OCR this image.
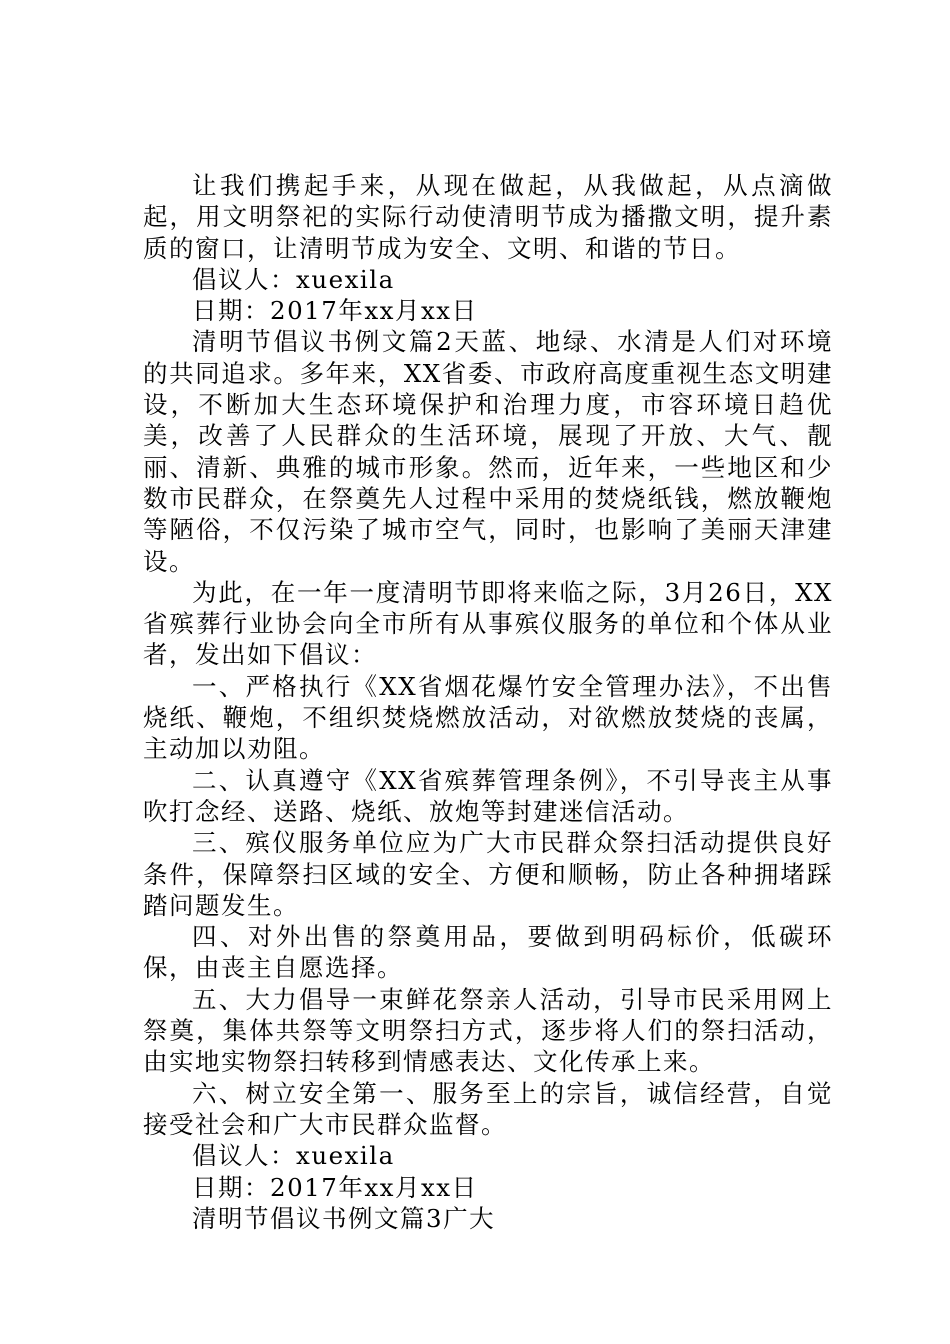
让我们携起手来，从现在做起，从我做起，从点滴做起，用文明祭祀的实际行动使清明节成为播撒文明，提升素质的窗口，让清明节成为安全、文明、和谐的节日。

倡议人：xuexila

日期：2017年xx月xx日

清明节倡议书例文篇2天蓝、地绿、水清是人们对环境的共同追求。多年来，XX省委、市政府高度重视生态文明建设，不断加大生态环境保护和治理力度，市容环境日趋优美，改善了人民群众的生活环境，展现了开放、大气、靓丽、清新、典雅的城市形象。然而，近年来，一些地区和少数市民群众，在祭奠先人过程中采用的焚烧纸钱，燃放鞭炮等陋俗，不仅污染了城市空气，同时，也影响了美丽天津建设。

为此，在一年一度清明节即将来临之际，3月26日，XX省殡葬行业协会向全市所有从事殡仪服务的单位和个体从业者，发出如下倡议：

一、严格执行《XX省烟花爆竹安全管理办法》，不出售烧纸、鞭炮，不组织焚烧燃放活动，对欲燃放焚烧的丧属，主动加以劝阻。

二、认真遵守《XX省殡葬管理条例》，不引导丧主从事吹打念经、送路、烧纸、放炮等封建迷信活动。

三、殡仪服务单位应为广大市民群众祭扫活动提供良好条件，保障祭扫区域的安全、方便和顺畅，防止各种拥堵踩踏问题发生。

四、对外出售的祭奠用品，要做到明码标价，低碳环保，由丧主自愿选择。

五、大力倡导一束鲜花祭亲人活动，引导市民采用网上祭奠，集体共祭等文明祭扫方式，逐步将人们的祭扫活动，由实地实物祭扫转移到情感表达、文化传承上来。

六、树立安全第一、服务至上的宗旨，诚信经营，自觉接受社会和广大市民群众监督。

倡议人：xuexila

日期：2017年xx月xx日

清明节倡议书例文篇3广大
